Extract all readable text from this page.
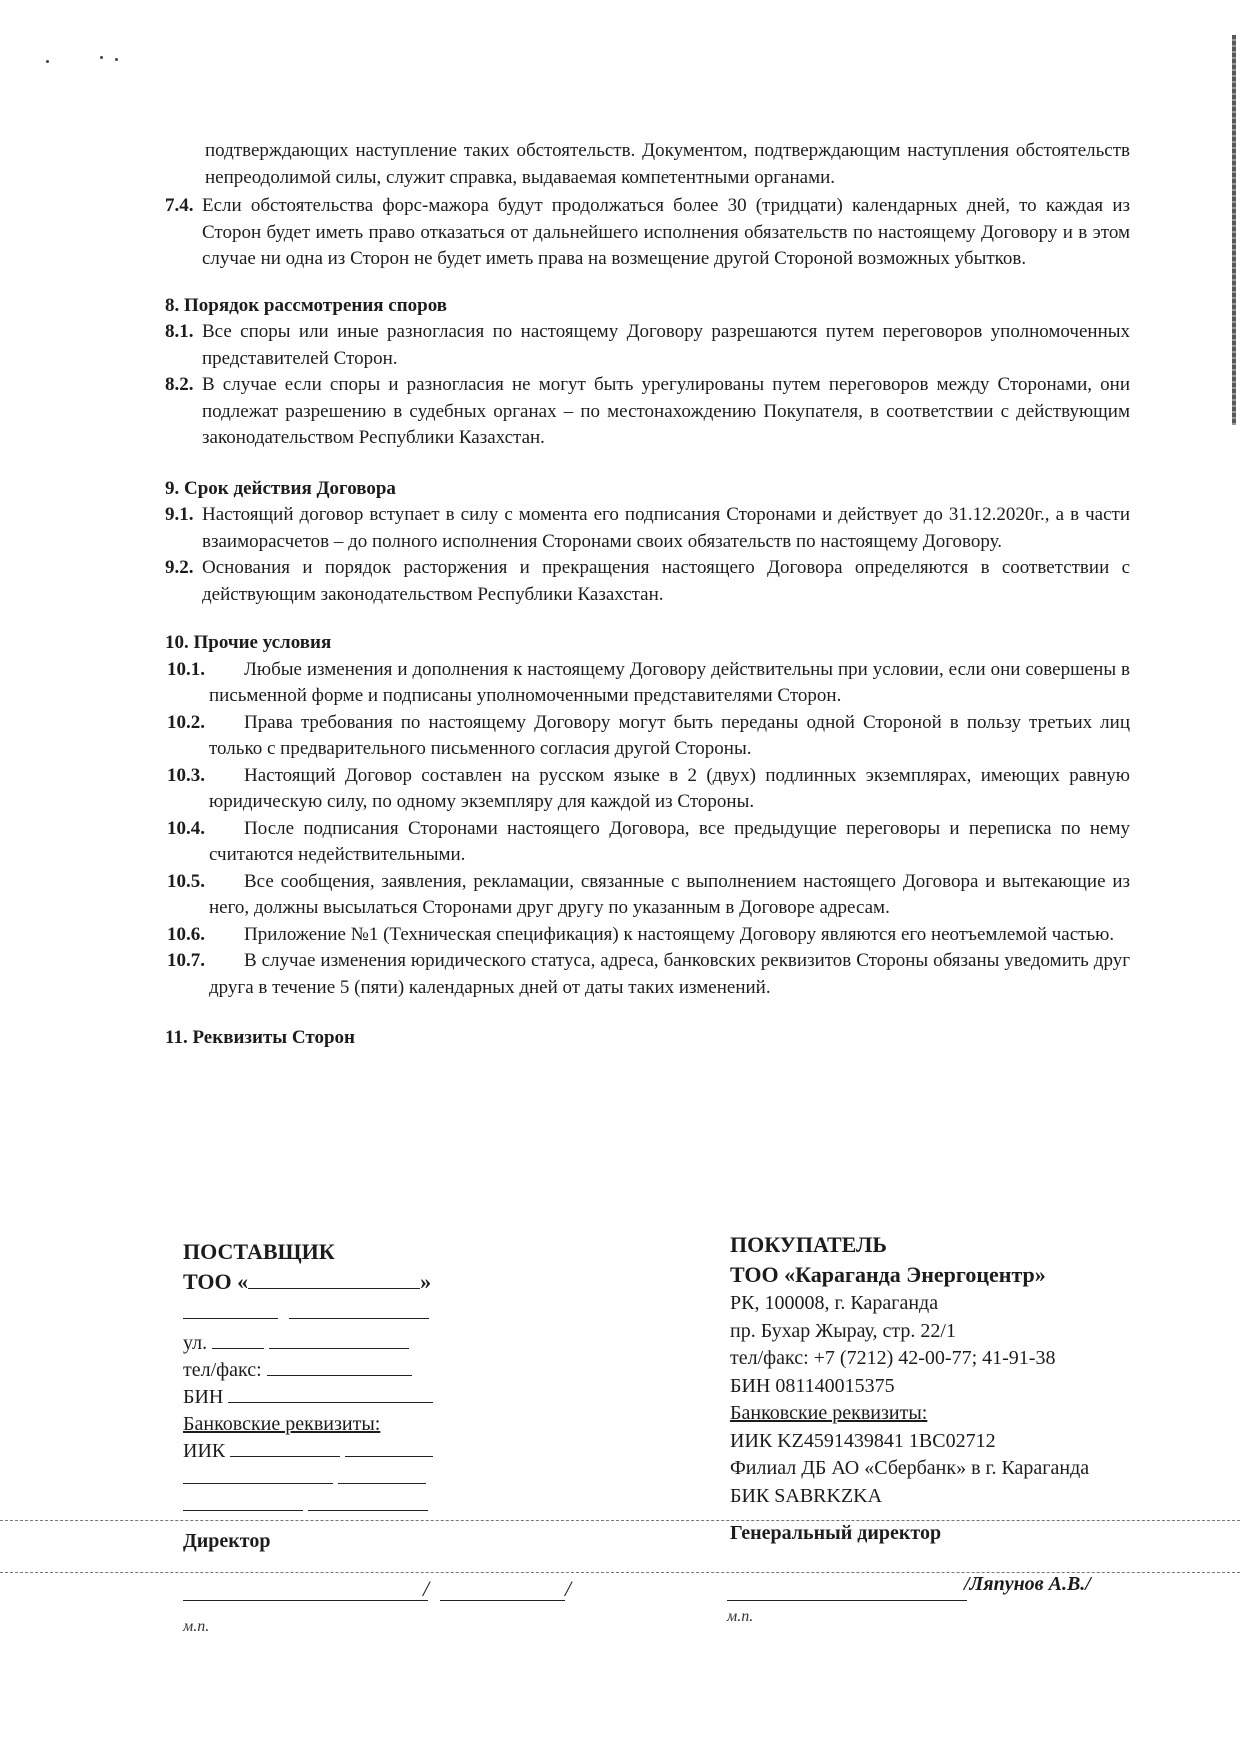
подтверждающих наступление таких обстоятельств. Документом, подтверждающим наступления обстоятельств непреодолимой силы, служит справка, выдаваемая компетентными органами.

7.4. Если обстоятельства форс-мажора будут продолжаться более 30 (тридцати) календарных дней, то каждая из Сторон будет иметь право отказаться от дальнейшего исполнения обязательств по настоящему Договору и в этом случае ни одна из Сторон не будет иметь права на возмещение другой Стороной возможных убытков.

8. Порядок рассмотрения споров

8.1. Все споры или иные разногласия по настоящему Договору разрешаются путем переговоров уполномоченных представителей Сторон.
8.2. В случае если споры и разногласия не могут быть урегулированы путем переговоров между Сторонами, они подлежат разрешению в судебных органах – по местонахождению Покупателя, в соответствии с действующим законодательством Республики Казахстан.

9. Срок действия Договора

9.1. Настоящий договор вступает в силу с момента его подписания Сторонами и действует до 31.12.2020г., а в части взаиморасчетов – до полного исполнения Сторонами своих обязательств по настоящему Договору.
9.2. Основания и порядок расторжения и прекращения настоящего Договора определяются в соответствии с действующим законодательством Республики Казахстан.

10. Прочие условия

10.1.	Любые изменения и дополнения к настоящему Договору действительны при условии, если они совершены в письменной форме и подписаны уполномоченными представителями Сторон.
10.2.	Права требования по настоящему Договору могут быть переданы одной Стороной в пользу третьих лиц только с предварительного письменного согласия другой Стороны.
10.3.	Настоящий Договор составлен на русском языке в 2 (двух) подлинных экземплярах, имеющих равную юридическую силу, по одному экземпляру для каждой из Стороны.
10.4.	После подписания Сторонами настоящего Договора, все предыдущие переговоры и переписка по нему считаются недействительными.
10.5.	Все сообщения, заявления, рекламации, связанные с выполнением настоящего Договора и вытекающие из него, должны высылаться Сторонами друг другу по указанным в Договоре адресам.
10.6.	Приложение №1 (Техническая спецификация) к настоящему Договору являются его неотъемлемой частью.
10.7.	В случае изменения юридического статуса, адреса, банковских реквизитов Стороны обязаны уведомить друг друга в течение 5 (пяти) календарных дней от даты таких изменений.

11. Реквизиты Сторон

ПОСТАВЩИК
ТОО «	»

ул.
тел/факс:
БИН
Банковские реквизиты:
ИИК

ПОКУПАТЕЛЬ
ТОО «Караганда Энергоцентр»
РК, 100008, г. Караганда
пр. Бухар Жырау, стр. 22/1
тел/факс: +7 (7212) 42-00-77; 41-91-38
БИН 081140015375
Банковские реквизиты:
ИИК KZ4591439841 1BC02712
Филиал ДБ АО «Сбербанк» в г. Караганда
БИК SABRKZKA
Директор	Генеральный директор
/	/	/Ляпунов А.В./
м.п.
м.п.
